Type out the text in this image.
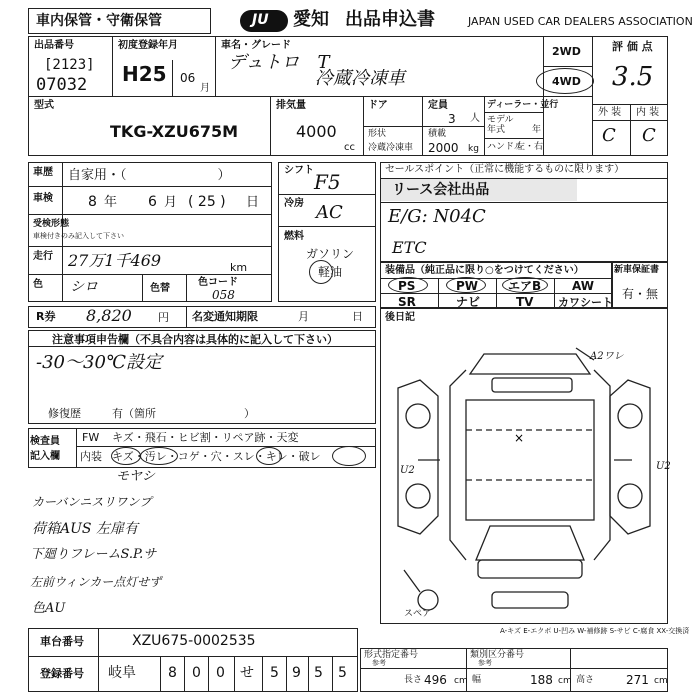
車内保管・守衛保管	JU 愛知 出品申込書	JAPAN USED CAR DEALERS ASSOCIATION
出品番号
[2123]
07032
初度登録年月
H25 06
月
車名・グレード
デュトロ　T
冷蔵冷凍車
2WD
4WD
評 価 点
3.5
外 装 内 装
C C
型式
TKG-XZU675M
排気量
4000
cc
ドア	定員
3 人
形状
冷蔵冷凍車
積載
2000 kg
ディーラー・並行
モデル
年式	年
ハンドル
左・右
車歴 自家用・（　　　　　　　）
車検	8 年 6 月 ( 25 ) 日
受検形態
車検付きのみ記入して下さい
走行 27万1千469	km
色 シロ	色替
色コード
058
シフト F5
冷房 AC
燃料
ガソリン
軽油
セールスポイント（正常に機能するものに限ります）
リース会社出品
E/G: N04C
ETC
装備品（純正品に限り○をつけてください）
PS	PW エアB	AW
SR	ナビ	TV カワシート
新車保証書
有・無
R券 8,820 円 名変通知期限	月	日
注意事項申告欄（不具合内容は具体的に記入して下さい）
-30〜30℃設定
修復歴	有（箇所　　　　　　　　）
後日記
検査員
記入欄
FW キズ・飛石・ヒビ割・リペア跡・天変
内装 キズ・汚レ・コゲ・穴・スレ・キレ・破レ
モヤシ
カーバンニスリワンプ
荷箱AUS 左扉有
下廻りフレームS.P.サ
左前ウィンカー点灯せず
色AU
×
A2ワレ
U2	U2
スペア
A-キズ E-エクボ U-凹み W-補修跡 S-サビ C-腐食 XX-交換済
車台番号	XZU675-0002535
登録番号 岐阜 8 0 0 せ 5 9 5 5
形式指定番号
参考
類別区分番号
参考
長さ 496 cm 幅	188 cm 高さ	271 cm
